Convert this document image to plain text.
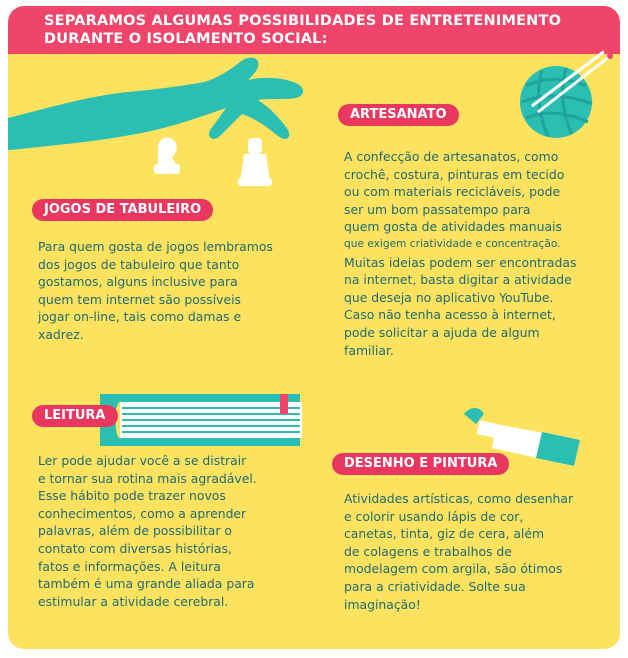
SEPARAMOS ALGUMAS POSSIBILIDADES DE ENTRETENIMENTO
DURANTE O ISOLAMENTO SOCIAL:
JOGOS DE TABULEIRO
LEITURA
ARTESANATO
DESENHO E PINTURA
Para quem gosta de jogos lembramos
dos jogos de tabuleiro que tanto
gostamos, alguns inclusive para
quem tem internet são possíveis
jogar on-line, tais como damas e
xadrez.
Ler pode ajudar você a se distrair
e tornar sua rotina mais agradável.
Esse hábito pode trazer novos
conhecimentos, como a aprender
palavras, além de possibilitar o
contato com diversas histórias,
fatos e informações. A leitura
também é uma grande aliada para
estimular a atividade cerebral.
A confecção de artesanatos, como
crochê, costura, pinturas em tecido
ou com materiais recicláveis, pode
ser um bom passatempo para
quem gosta de atividades manuais
que exigem criatividade e concentração.
Muitas ideias podem ser encontradas
na internet, basta digitar a atividade
que deseja no aplicativo YouTube.
Caso não tenha acesso à internet,
pode solicitar a ajuda de algum
familiar.
Atividades artísticas, como desenhar
e colorir usando lápis de cor,
canetas, tinta, giz de cera, além
de colagens e trabalhos de
modelagem com argila, são ótimos
para a criatividade. Solte sua
imaginação!
